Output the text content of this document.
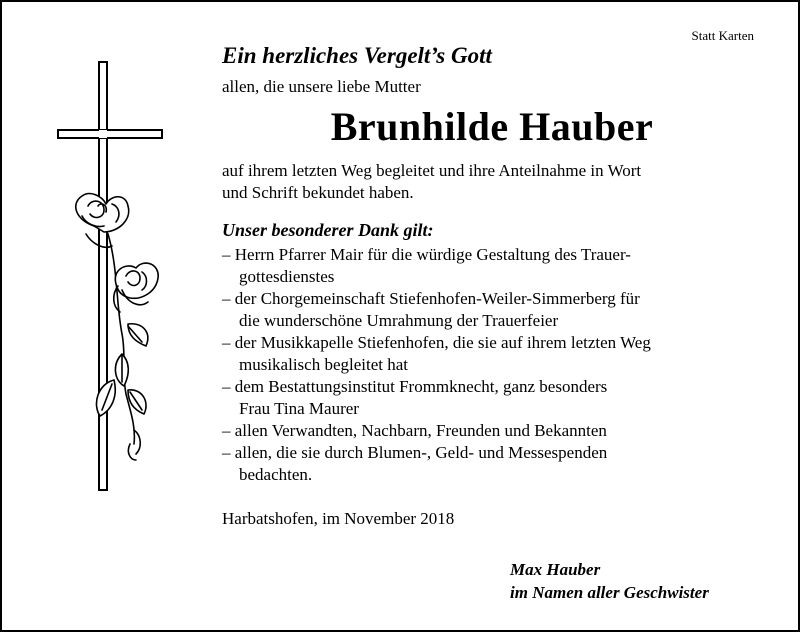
Statt Karten
Ein herzliches Vergelt’s Gott
allen, die unsere liebe Mutter
Brunhilde Hauber
auf ihrem letzten Weg begleitet und ihre Anteilnahme in Wort
und Schrift bekundet haben.
Unser besonderer Dank gilt:
– Herrn Pfarrer Mair für die würdige Gestaltung des Trauer-
gottesdienstes
– der Chorgemeinschaft Stiefenhofen-Weiler-Simmerberg für
die wunderschöne Umrahmung der Trauerfeier
– der Musikkapelle Stiefenhofen, die sie auf ihrem letzten Weg
musikalisch begleitet hat
– dem Bestattungsinstitut Frommknecht, ganz besonders
Frau Tina Maurer
– allen Verwandten, Nachbarn, Freunden und Bekannten
– allen, die sie durch Blumen-, Geld- und Messespenden
bedachten.
Harbatshofen, im November 2018
Max Hauber
im Namen aller Geschwister
